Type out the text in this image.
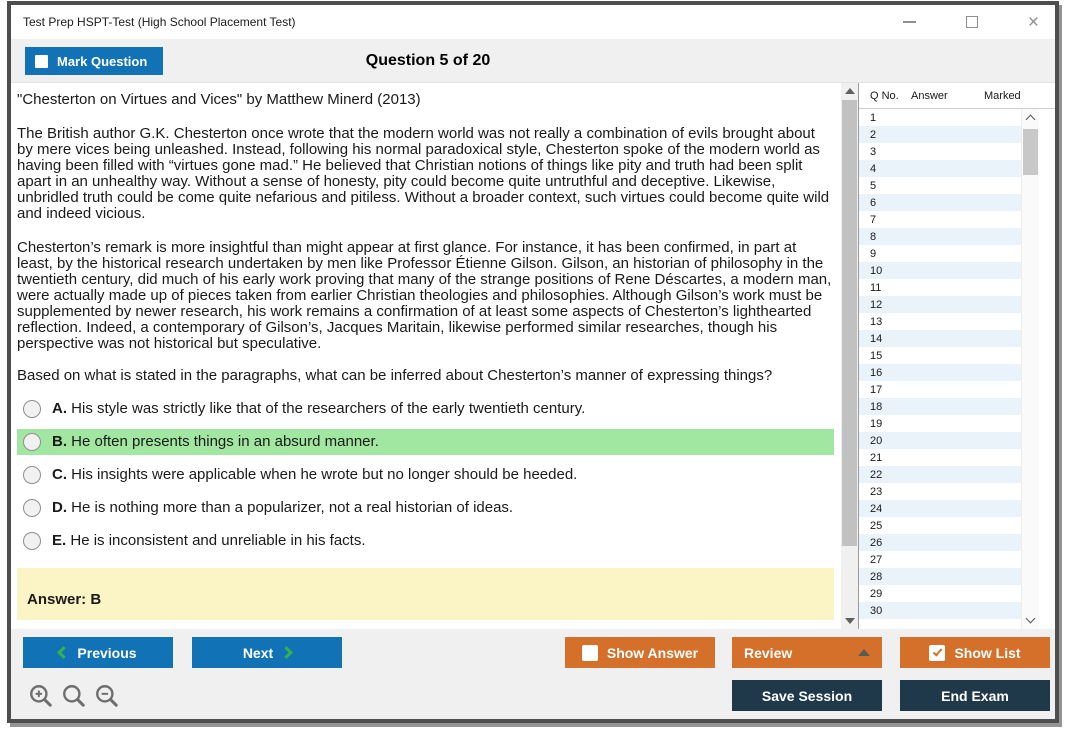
Test Prep HSPT-Test (High School Placement Test)	×
Question 5 of 20
Mark Question
"Chesterton on Virtues and Vices" by Matthew Minerd (2013)
The British author G.K. Chesterton once wrote that the modern world was not really a combination of evils brought about by mere vices being unleashed. Instead, following his normal paradoxical style, Chesterton spoke of the modern world as having been filled with “virtues gone mad.” He believed that Christian notions of things like pity and truth had been split apart in an unhealthy way. Without a sense of honesty, pity could become quite untruthful and deceptive. Likewise, unbridled truth could be come quite nefarious and pitiless. Without a broader context, such virtues could become quite wild and indeed vicious.
Chesterton’s remark is more insightful than might appear at first glance. For instance, it has been confirmed, in part at least, by the historical research undertaken by men like Professor Étienne Gilson. Gilson, an historian of philosophy in the twentieth century, did much of his early work proving that many of the strange positions of Rene Déscartes, a modern man, were actually made up of pieces taken from earlier Christian theologies and philosophies. Although Gilson’s work must be supplemented by newer research, his work remains a confirmation of at least some aspects of Chesterton’s lighthearted reflection. Indeed, a contemporary of Gilson’s, Jacques Maritain, likewise performed similar researches, though his perspective was not historical but speculative.
Based on what is stated in the paragraphs, what can be inferred about Chesterton’s manner of expressing things?
A. His style was strictly like that of the researchers of the early twentieth century.
B. He often presents things in an absurd manner.
C. His insights were applicable when he wrote but no longer should be heeded.
D. He is nothing more than a popularizer, not a real historian of ideas.
E. He is inconsistent and unreliable in his facts.
Answer: B
Q No.	Answer	Marked
1
2
3
4
5
6
7
8
9
10
11
12
13
14
15
16
17
18
19
20
21
22
23
24
25
26
27
28
29
30
Previous	Next	Show Answer	Review	Show List
Save Session	End Exam
